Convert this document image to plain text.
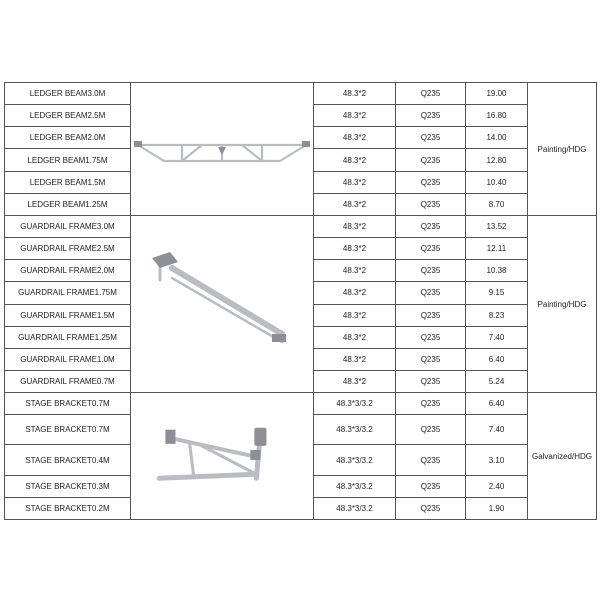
LEDGER BEAM3.0M		48.3*2	Q235	19.00	Painting/HDG
LEDGER BEAM2.5M		48.3*2	Q235	16.80	
LEDGER BEAM2.0M		48.3*2	Q235	14.00	
LEDGER BEAM1.75M		48.3*2	Q235	12.80	
LEDGER BEAM1.5M		48.3*2	Q235	10.40	
LEDGER BEAM1.25M		48.3*2	Q235	8.70	
GUARDRAIL FRAME3.0M		48.3*2	Q235	13.52	Painting/HDG
GUARDRAIL FRAME2.5M		48.3*2	Q235	12.11	
GUARDRAIL FRAME2.0M		48.3*2	Q235	10.38	
GUARDRAIL FRAME1.75M		48.3*2	Q235	9.15	
GUARDRAIL FRAME1.5M		48.3*2	Q235	8.23	
GUARDRAIL FRAME1.25M		48.3*2	Q235	7.40	
GUARDRAIL FRAME1.0M		48.3*2	Q235	6.40	
GUARDRAIL FRAME0.7M		48.3*2	Q235	5.24	
STAGE BRACKET0.7M		48.3*3/3.2	Q235	6.40	Galvanized/HDG
STAGE BRACKET0.7M		48.3*3/3.2	Q235	7.40	
STAGE BRACKET0.4M		48.3*3/3.2	Q235	3.10	
STAGE BRACKET0.3M		48.3*3/3.2	Q235	2.40	
STAGE BRACKET0.2M		48.3*3/3.2	Q235	1.90	
